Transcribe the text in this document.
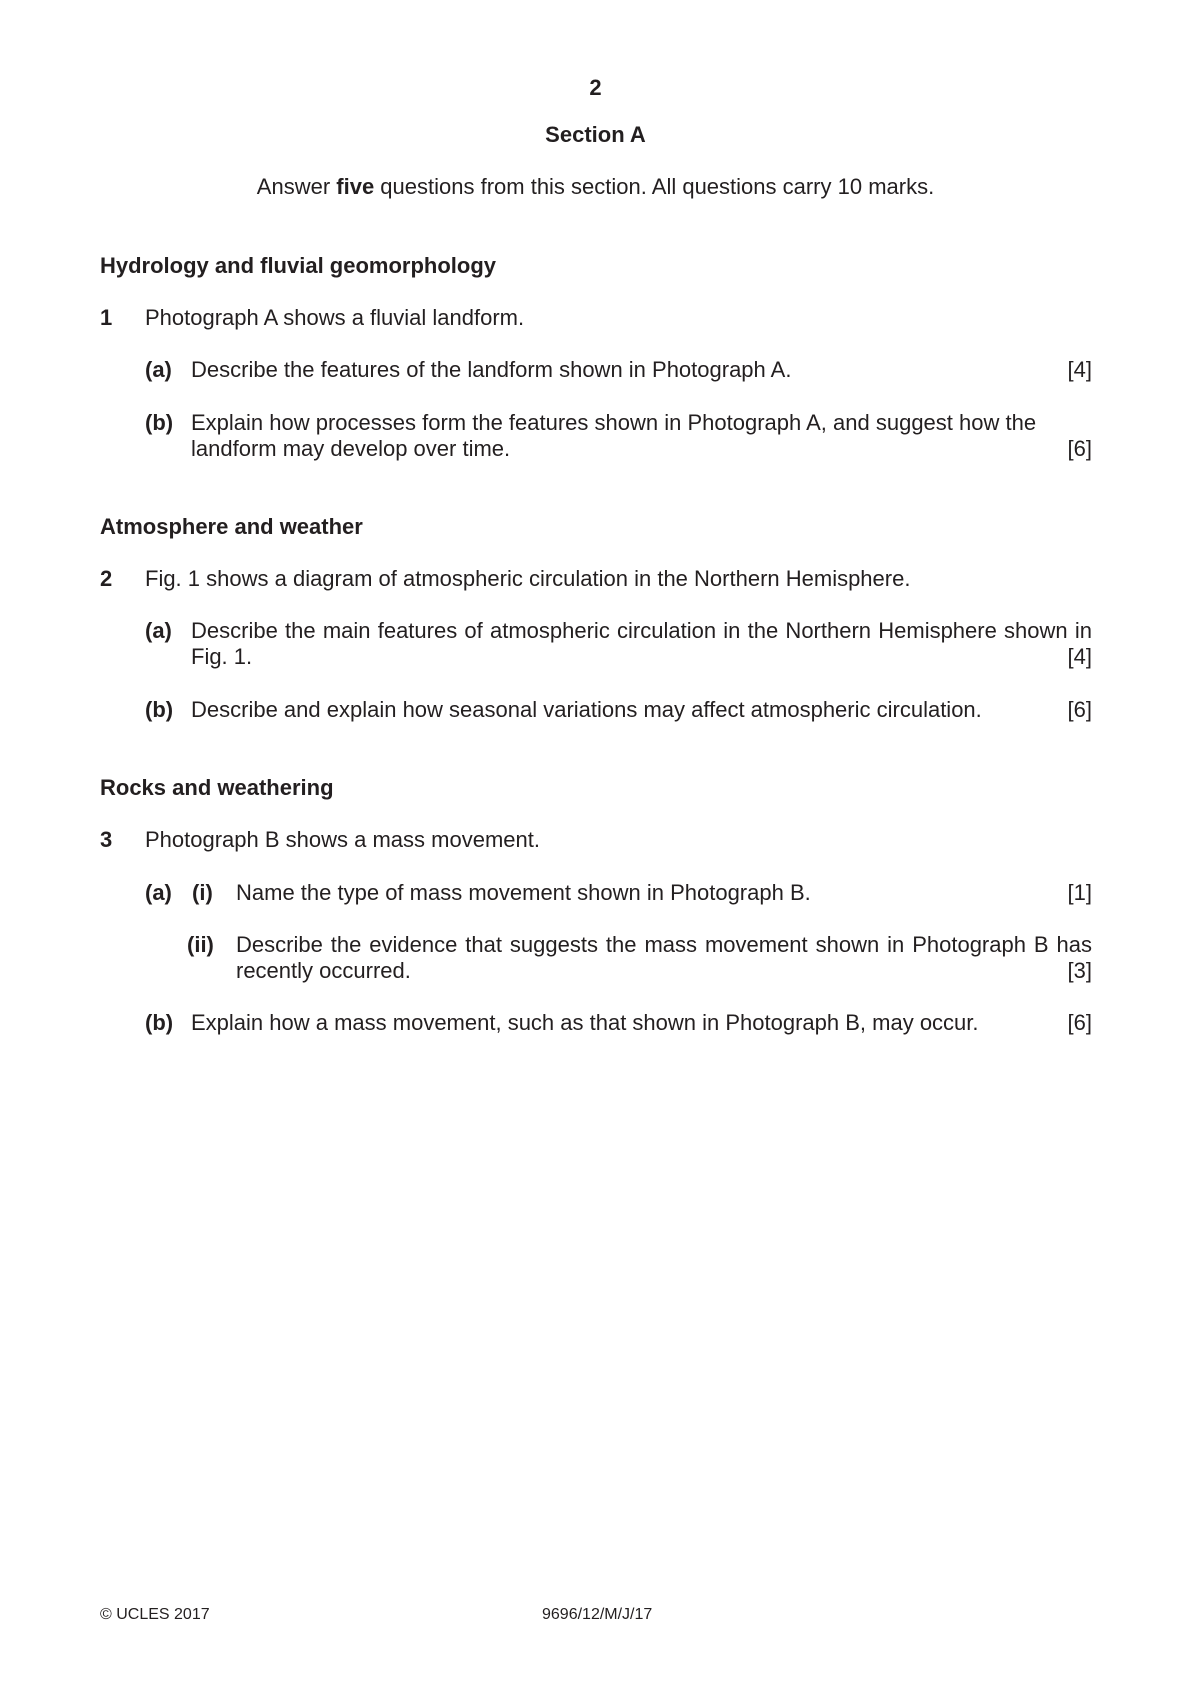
2
Section A
Answer five questions from this section. All questions carry 10 marks.
Hydrology and fluvial geomorphology
1 Photograph A shows a fluvial landform.
(a) Describe the features of the landform shown in Photograph A.	[4]
(b) Explain how processes form the features shown in Photograph A, and suggest how the
landform may develop over time.	[6]
Atmosphere and weather
2 Fig. 1 shows a diagram of atmospheric circulation in the Northern Hemisphere.
(a) Describe the main features of atmospheric circulation in the Northern Hemisphere shown in
Fig. 1.	[4]
(b) Describe and explain how seasonal variations may affect atmospheric circulation.	[6]
Rocks and weathering
3 Photograph B shows a mass movement.
(a) (i) Name the type of mass movement shown in Photograph B.	[1]
(ii) Describe the evidence that suggests the mass movement shown in Photograph B has
recently occurred.	[3]
(b) Explain how a mass movement, such as that shown in Photograph B, may occur.	[6]
© UCLES 2017	9696/12/M/J/17
